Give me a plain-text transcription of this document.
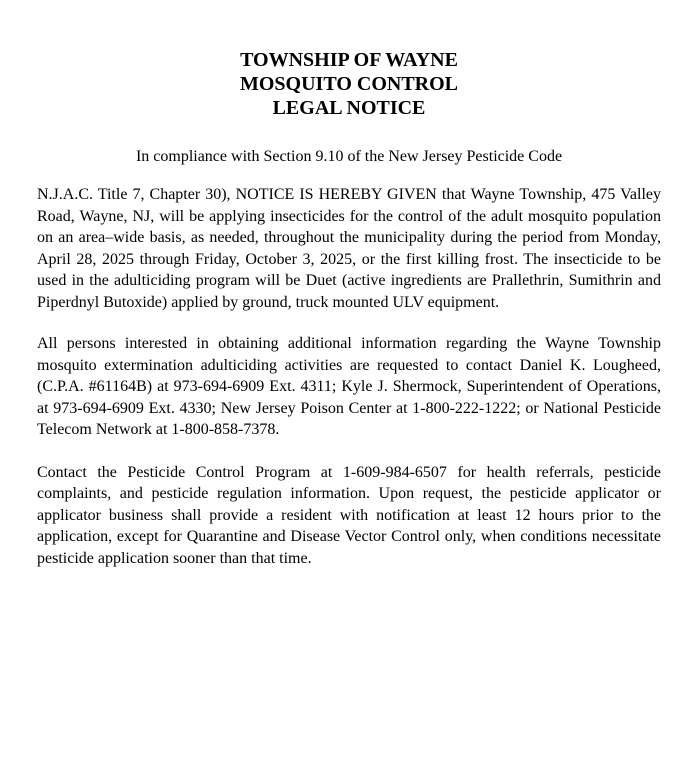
TOWNSHIP OF WAYNE

MOSQUITO CONTROL

LEGAL NOTICE

In compliance with Section 9.10 of the New Jersey Pesticide Code

N.J.A.C. Title 7, Chapter 30), NOTICE IS HEREBY GIVEN that Wayne Township, 475 Valley Road, Wayne, NJ, will be applying insecticides for the control of the adult mosquito population on an area–wide basis, as needed, throughout the municipality during the period from Monday, April 28, 2025 through Friday, October 3, 2025, or the first killing frost. The insecticide to be used in the adulticiding program will be Duet (active ingredients are Prallethrin, Sumithrin and Piperdnyl Butoxide) applied by ground, truck mounted ULV equipment.

All persons interested in obtaining additional information regarding the Wayne Township mosquito extermination adulticiding activities are requested to contact Daniel K. Lougheed, (C.P.A. #61164B) at 973-694-6909 Ext. 4311; Kyle J. Shermock, Superintendent of Operations, at 973-694-6909 Ext. 4330; New Jersey Poison Center at 1-800-222-1222; or National Pesticide Telecom Network at 1-800-858-7378.

Contact the Pesticide Control Program at 1-609-984-6507 for health referrals, pesticide complaints, and pesticide regulation information. Upon request, the pesticide applicator or applicator business shall provide a resident with notification at least 12 hours prior to the application, except for Quarantine and Disease Vector Control only, when conditions necessitate pesticide application sooner than that time.
